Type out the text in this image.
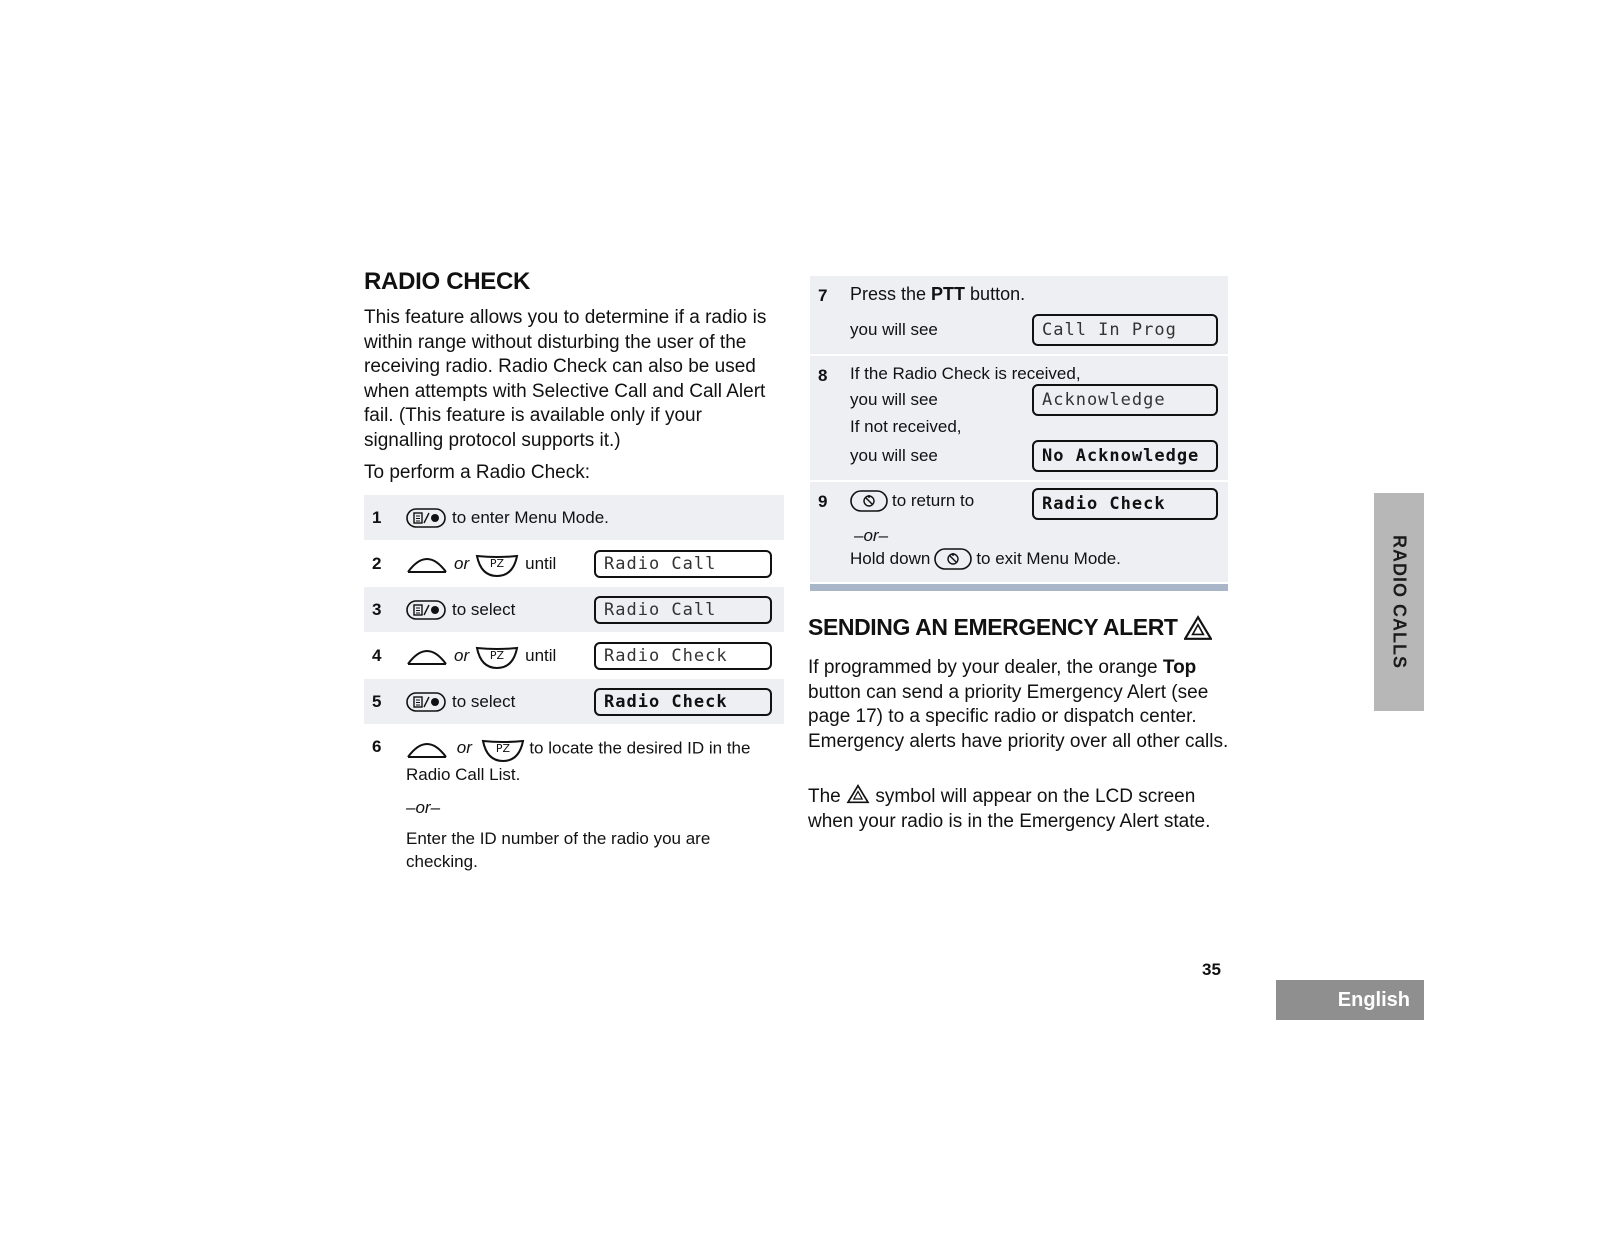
RADIO CHECK

This feature allows you to determine if a radio is within range without disturbing the user of the receiving radio. Radio Check can also be used when attempts with Selective Call and Call Alert fail. (This feature is available only if your signalling protocol supports it.)

To perform a Radio Check:

1	to enter Menu Mode.
2	or	until	Radio Call
3	to select	Radio Call
4	or	until	Radio Check
5	to select	Radio Check
6	or	to locate the desired ID in the Radio Call List.
–or–
Enter the ID number of the radio you are checking.
7 Press the PTT button.
you will see	Call In Prog
8 If the Radio Check is received,
you will see	Acknowledge
If not received,
you will see	No Acknowledge
9	to return to	Radio Check
–or–
Hold down	to exit Menu Mode.
SENDING AN EMERGENCY ALERT

If programmed by your dealer, the orange Top button can send a priority Emergency Alert (see page 17) to a specific radio or dispatch center. Emergency alerts have priority over all other calls.

The symbol will appear on the LCD screen when your radio is in the Emergency Alert state.

RADIO CALLS
35
English
